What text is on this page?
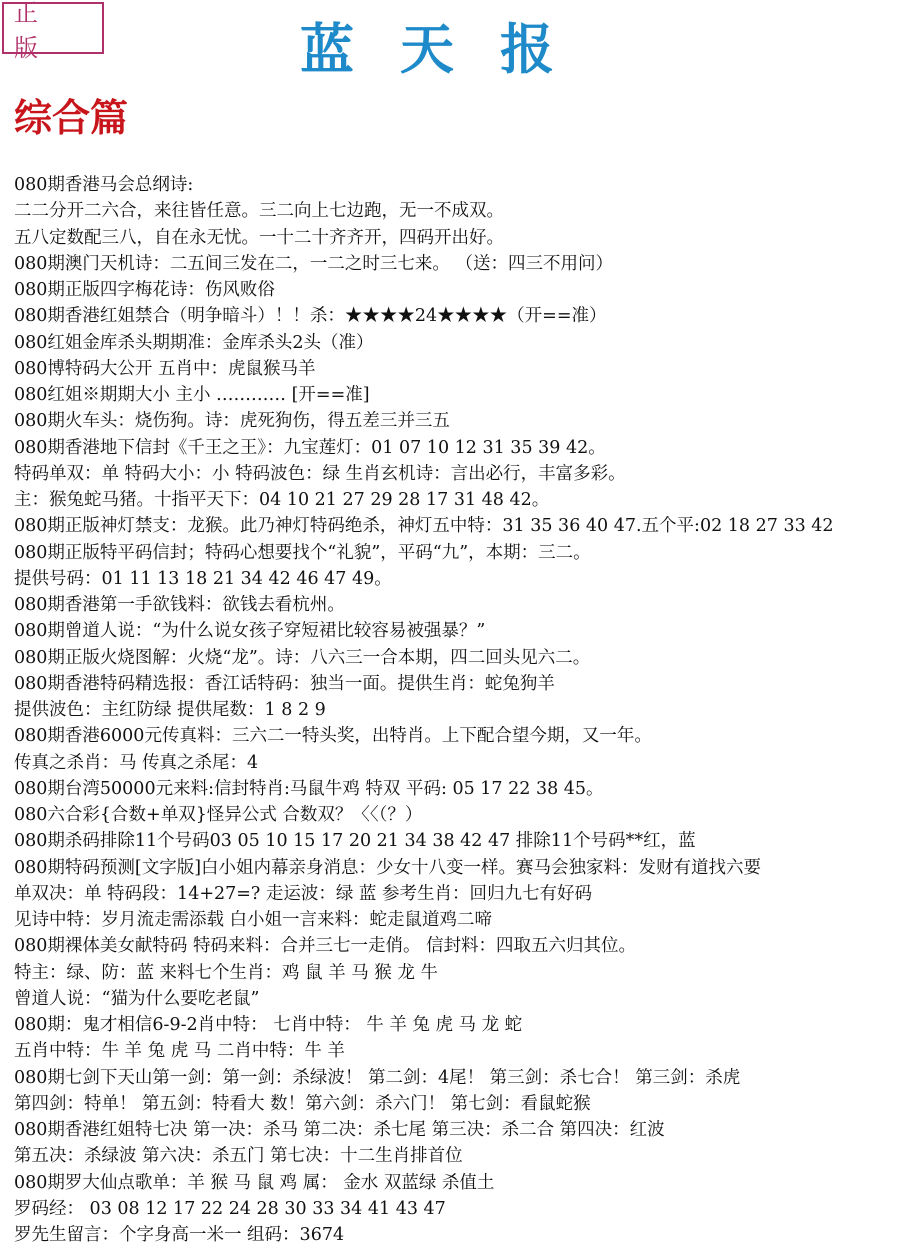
正 版	蓝天报
综合篇
080期香港马会总纲诗:
二二分开二六合，来往皆任意。三二向上七边跑，无一不成双。
五八定数配三八，自在永无忧。一十二十齐齐开，四码开出好。
080期澳门天机诗：二五间三发在二，一二之时三七来。 （送：四三不用问）
080期正版四字梅花诗：伤风败俗
080期香港红姐禁合（明争暗斗）！！杀：★★★★24★★★★（开==准）
080红姐金库杀头期期准：金库杀头2头（准）
080博特码大公开 五肖中：虎鼠猴马羊
080红姐※期期大小 主小 ………… [开==准]
080期火车头：烧伤狗。诗：虎死狗伤，得五差三并三五
080期香港地下信封《千王之王》：九宝莲灯：01 07 10 12 31 35 39 42。
特码单双：单 特码大小：小 特码波色：绿 生肖玄机诗：言出必行，丰富多彩。
主：猴兔蛇马猪。十指平天下：04 10 21 27 29 28 17 31 48 42。
080期正版神灯禁支：龙猴。此乃神灯特码绝杀，神灯五中特：31 35 36 40 47.五个平:02 18 27 33 42
080期正版特平码信封；特码心想要找个“礼貌”，平码“九”，本期：三二。
提供号码：01 11 13 18 21 34 42 46 47 49。
080期香港第一手欲钱料：欲钱去看杭州。
080期曾道人说：“为什么说女孩子穿短裙比较容易被强暴？”
080期正版火烧图解：火烧“龙”。诗：八六三一合本期，四二回头见六二。
080期香港特码精选报：香江话特码：独当一面。提供生肖：蛇兔狗羊
提供波色：主红防绿 提供尾数：1 8 2 9
080期香港6000元传真料：三六二一特头奖，出特肖。上下配合望今期，又一年。
传真之杀肖：马 传真之杀尾：4
080期台湾50000元来料:信封特肖:马鼠牛鸡 特双 平码: 05 17 22 38 45。
080六合彩{合数+单双}怪异公式 合数双？〈〈（？）
080期杀码排除11个号码03 05 10 15 17 20 21 34 38 42 47 排除11个号码**红，蓝
080期特码预测[文字版]白小姐内幕亲身消息：少女十八变一样。赛马会独家料：发财有道找六要
单双决：单 特码段：14+27=? 走运波：绿 蓝 参考生肖：回归九七有好码
见诗中特：岁月流走需添载 白小姐一言来料：蛇走鼠道鸡二啼
080期裸体美女献特码 特码来料：合并三七一走俏。 信封料：四取五六归其位。
特主：绿、防：蓝 来料七个生肖：鸡 鼠 羊 马 猴 龙 牛
曾道人说：“猫为什么要吃老鼠”
080期：鬼才相信6-9-2肖中特： 七肖中特： 牛 羊 兔 虎 马 龙 蛇
五肖中特：牛 羊 兔 虎 马 二肖中特：牛 羊
080期七剑下天山第一剑：第一剑：杀绿波！ 第二剑：4尾！ 第三剑：杀七合！ 第三剑：杀虎
第四剑：特单！ 第五剑：特看大 数！第六剑：杀六门！ 第七剑：看鼠蛇猴
080期香港红姐特七决 第一决：杀马 第二决：杀七尾 第三决：杀二合 第四决：红波
第五决：杀绿波 第六决：杀五门 第七决：十二生肖排首位
080期罗大仙点歌单：羊 猴 马 鼠 鸡 属： 金水 双蓝绿 杀值土
罗码经： 03 08 12 17 22 24 28 30 33 34 41 43 47
罗先生留言：个字身高一米一 组码：3674
